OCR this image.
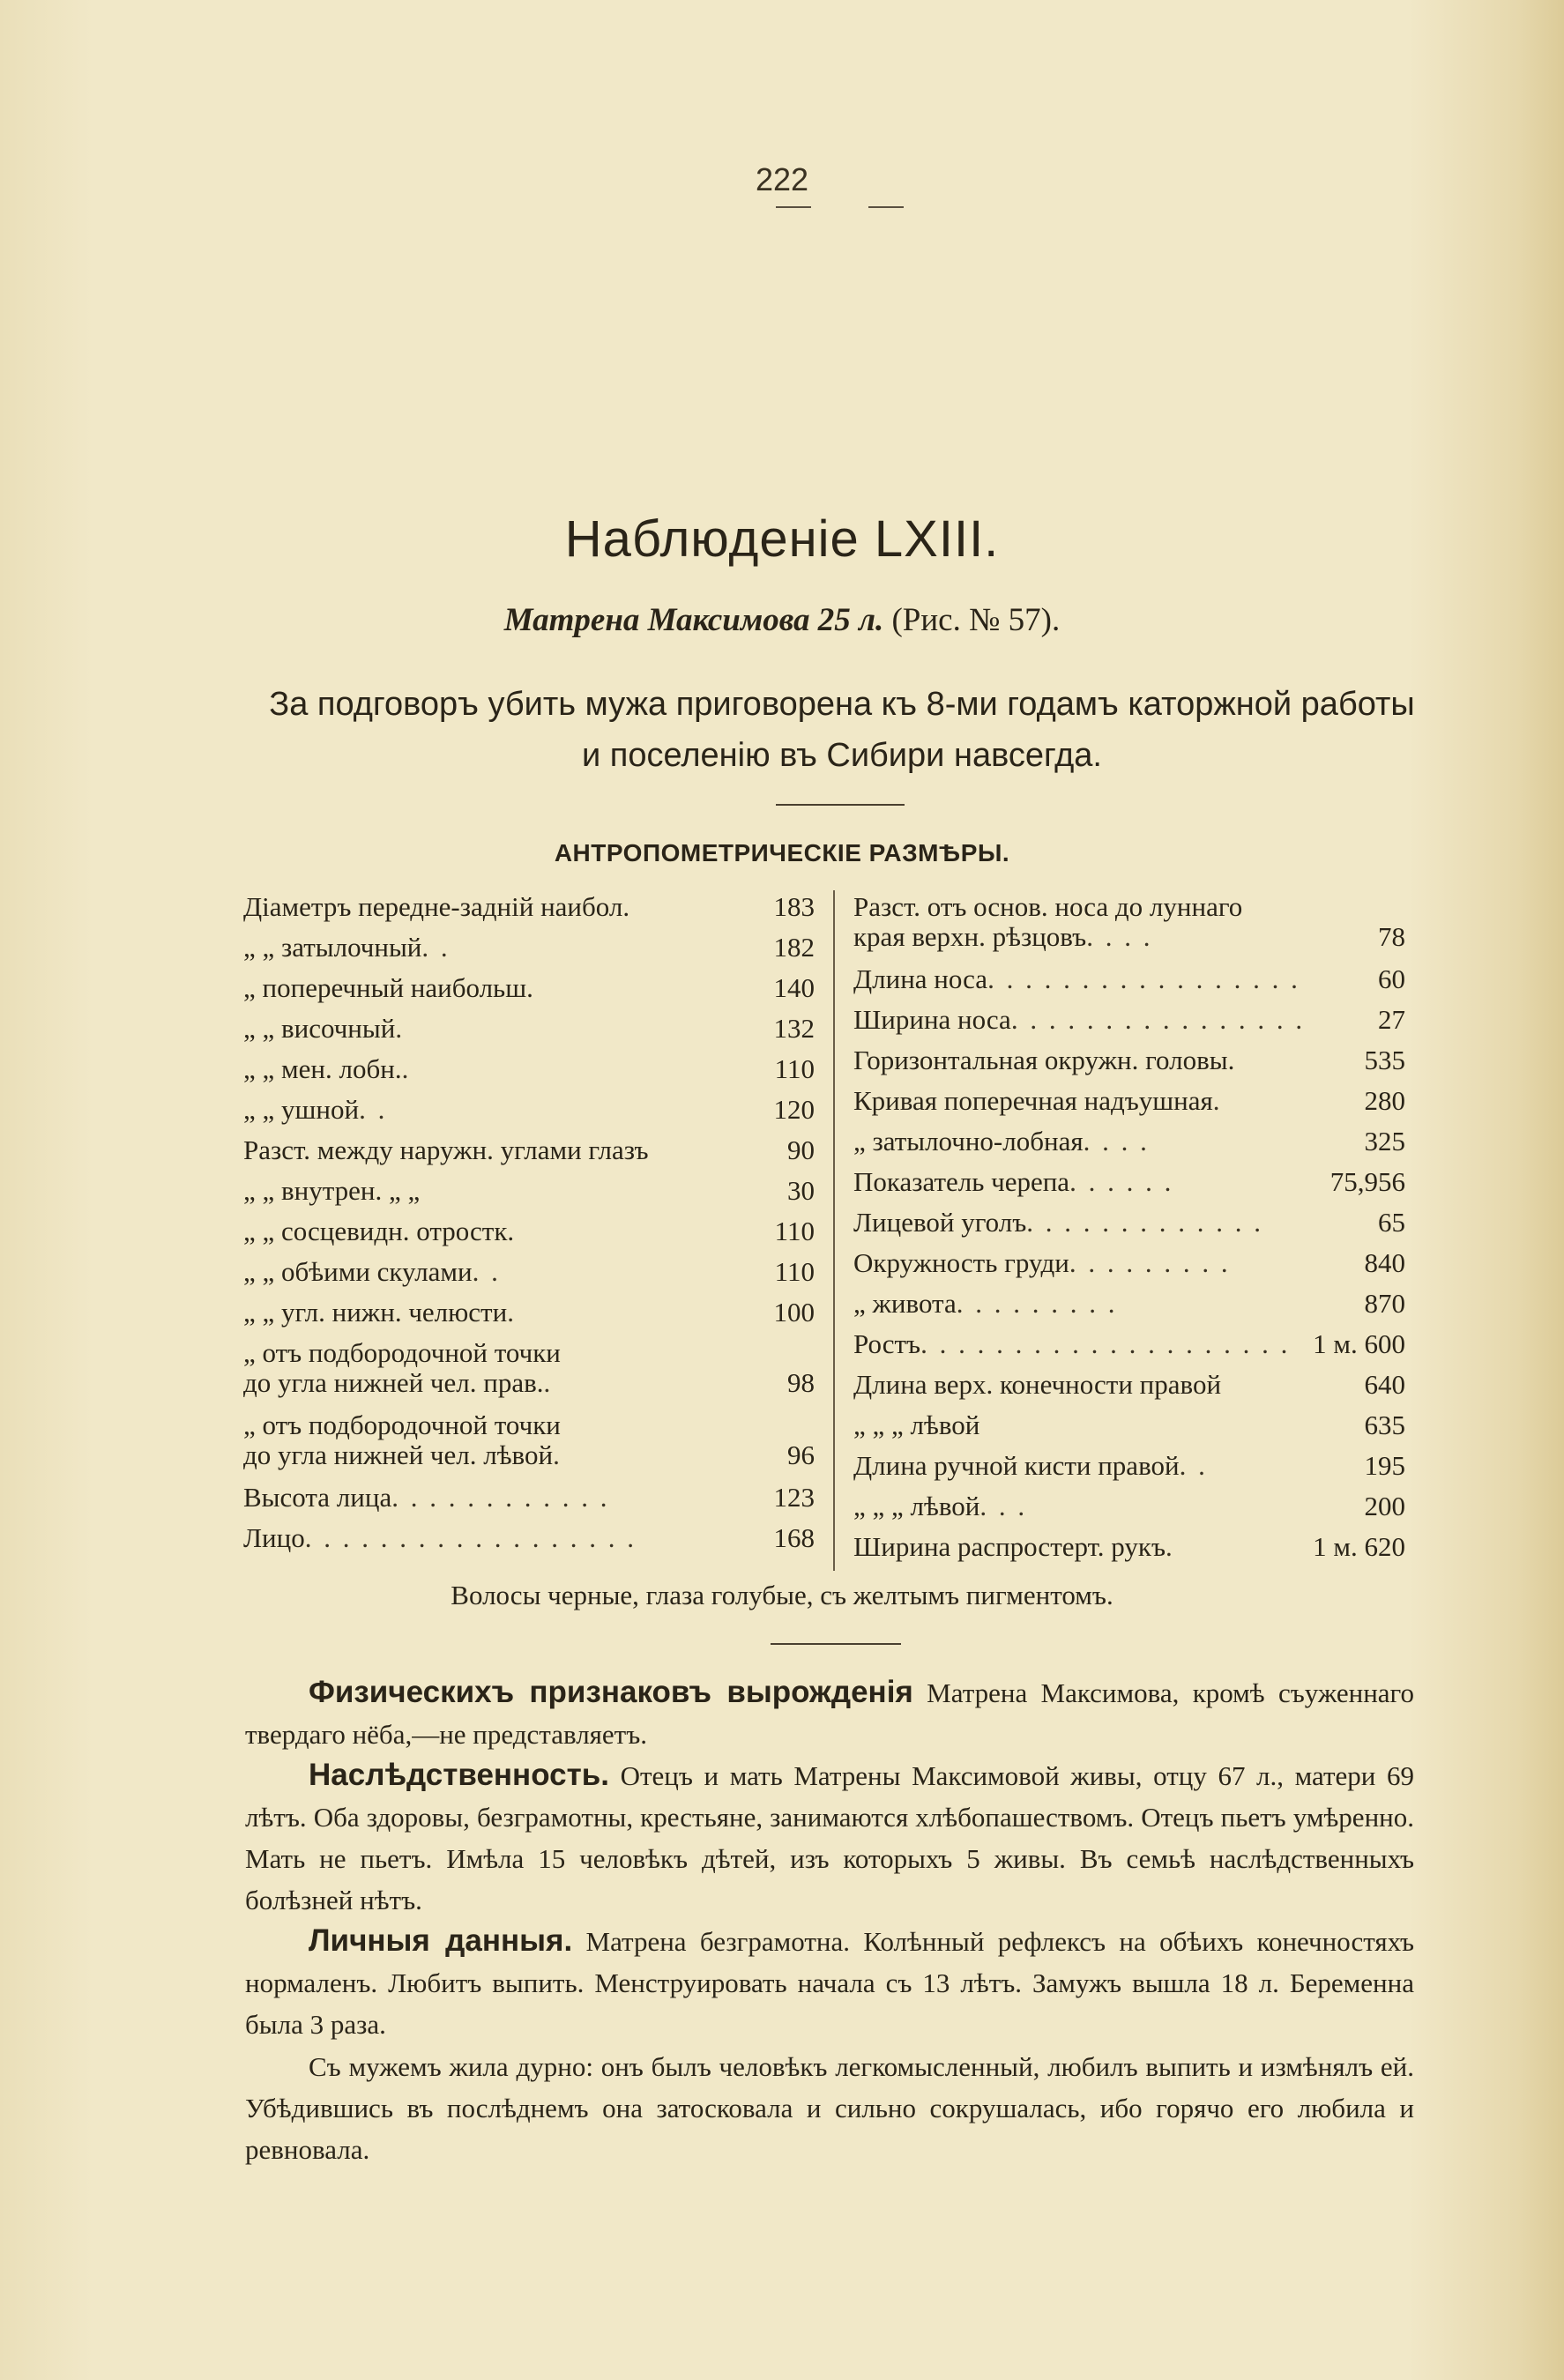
222
Наблюденіе LXIII.
Матрена Максимова 25 л. (Рис. № 57).
За подговоръ убить мужа приговорена къ 8-ми годамъ каторжной работы и поселенію въ Сибири навсегда.
АНТРОПОМЕТРИЧЕСКІЕ РАЗМѢРЫ.
Діаметръ передне-задній наибол.	183
„ „ затылочный . .	182
„ поперечный наибольш.	140
„ „ височный .	132
„ „ мен. лобн. .	110
„ „ ушной . .	120
Разст. между наружн. углами глазъ	90
„ „ внутрен. „ „	30
„ „ сосцевидн. отростк.	110
„ „ обѣими скулами . .	110
„ „ угл. нижн. челюсти .	100
„ отъ подбородочной точки
до угла нижней чел. прав. .	98
„ отъ подбородочной точки
до угла нижней чел. лѣвой .	96
Высота лица . . . . . . . . . . . .	123
Лицо . . . . . . . . . . . . . . . . . .	168
Разст. отъ основ. носа до луннаго
края верхн. рѣзцовъ . . . .	78
Длина носа . . . . . . . . . . . . . . . . .	60
Ширина носа . . . . . . . . . . . . . . . .	27
Горизонтальная окружн. головы.	535
Кривая поперечная надъушная .	280
„ затылочно-лобная . . . .	325
Показатель черепа . . . . . .	75,956
Лицевой уголъ . . . . . . . . . . . . .	65
Окружность груди . . . . . . . . .	840
„ живота . . . . . . . . .	870
Ростъ . . . . . . . . . . . . . . . . . . . . 1 м. 600
Длина верх. конечности правой	640
„ „ „ лѣвой	635
Длина ручной кисти правой . .	195
„ „ „ лѣвой . . .	200
Ширина распростерт. рукъ .	1 м. 620
Волосы черные, глаза голубые, съ желтымъ пигментомъ.
Физическихъ признаковъ вырожденія Матрена Максимова, кромѣ съуженнаго твердаго нёба,—не представляетъ.
Наслѣдственность. Отецъ и мать Матрены Максимовой живы, отцу 67 л., матери 69 лѣтъ. Оба здоровы, безграмотны, крестьяне, занимаются хлѣбопашествомъ. Отецъ пьетъ умѣренно. Мать не пьетъ. Имѣла 15 человѣкъ дѣтей, изъ которыхъ 5 живы. Въ семьѣ наслѣдственныхъ болѣзней нѣтъ.
Личныя данныя. Матрена безграмотна. Колѣнный рефлексъ на обѣихъ конечностяхъ нормаленъ. Любитъ выпить. Менструировать начала съ 13 лѣтъ. Замужъ вышла 18 л. Беременна была 3 раза.
Съ мужемъ жила дурно: онъ былъ человѣкъ легкомысленный, любилъ выпить и измѣнялъ ей. Убѣдившись въ послѣднемъ она затосковала и сильно сокрушалась, ибо горячо его любила и ревновала.
